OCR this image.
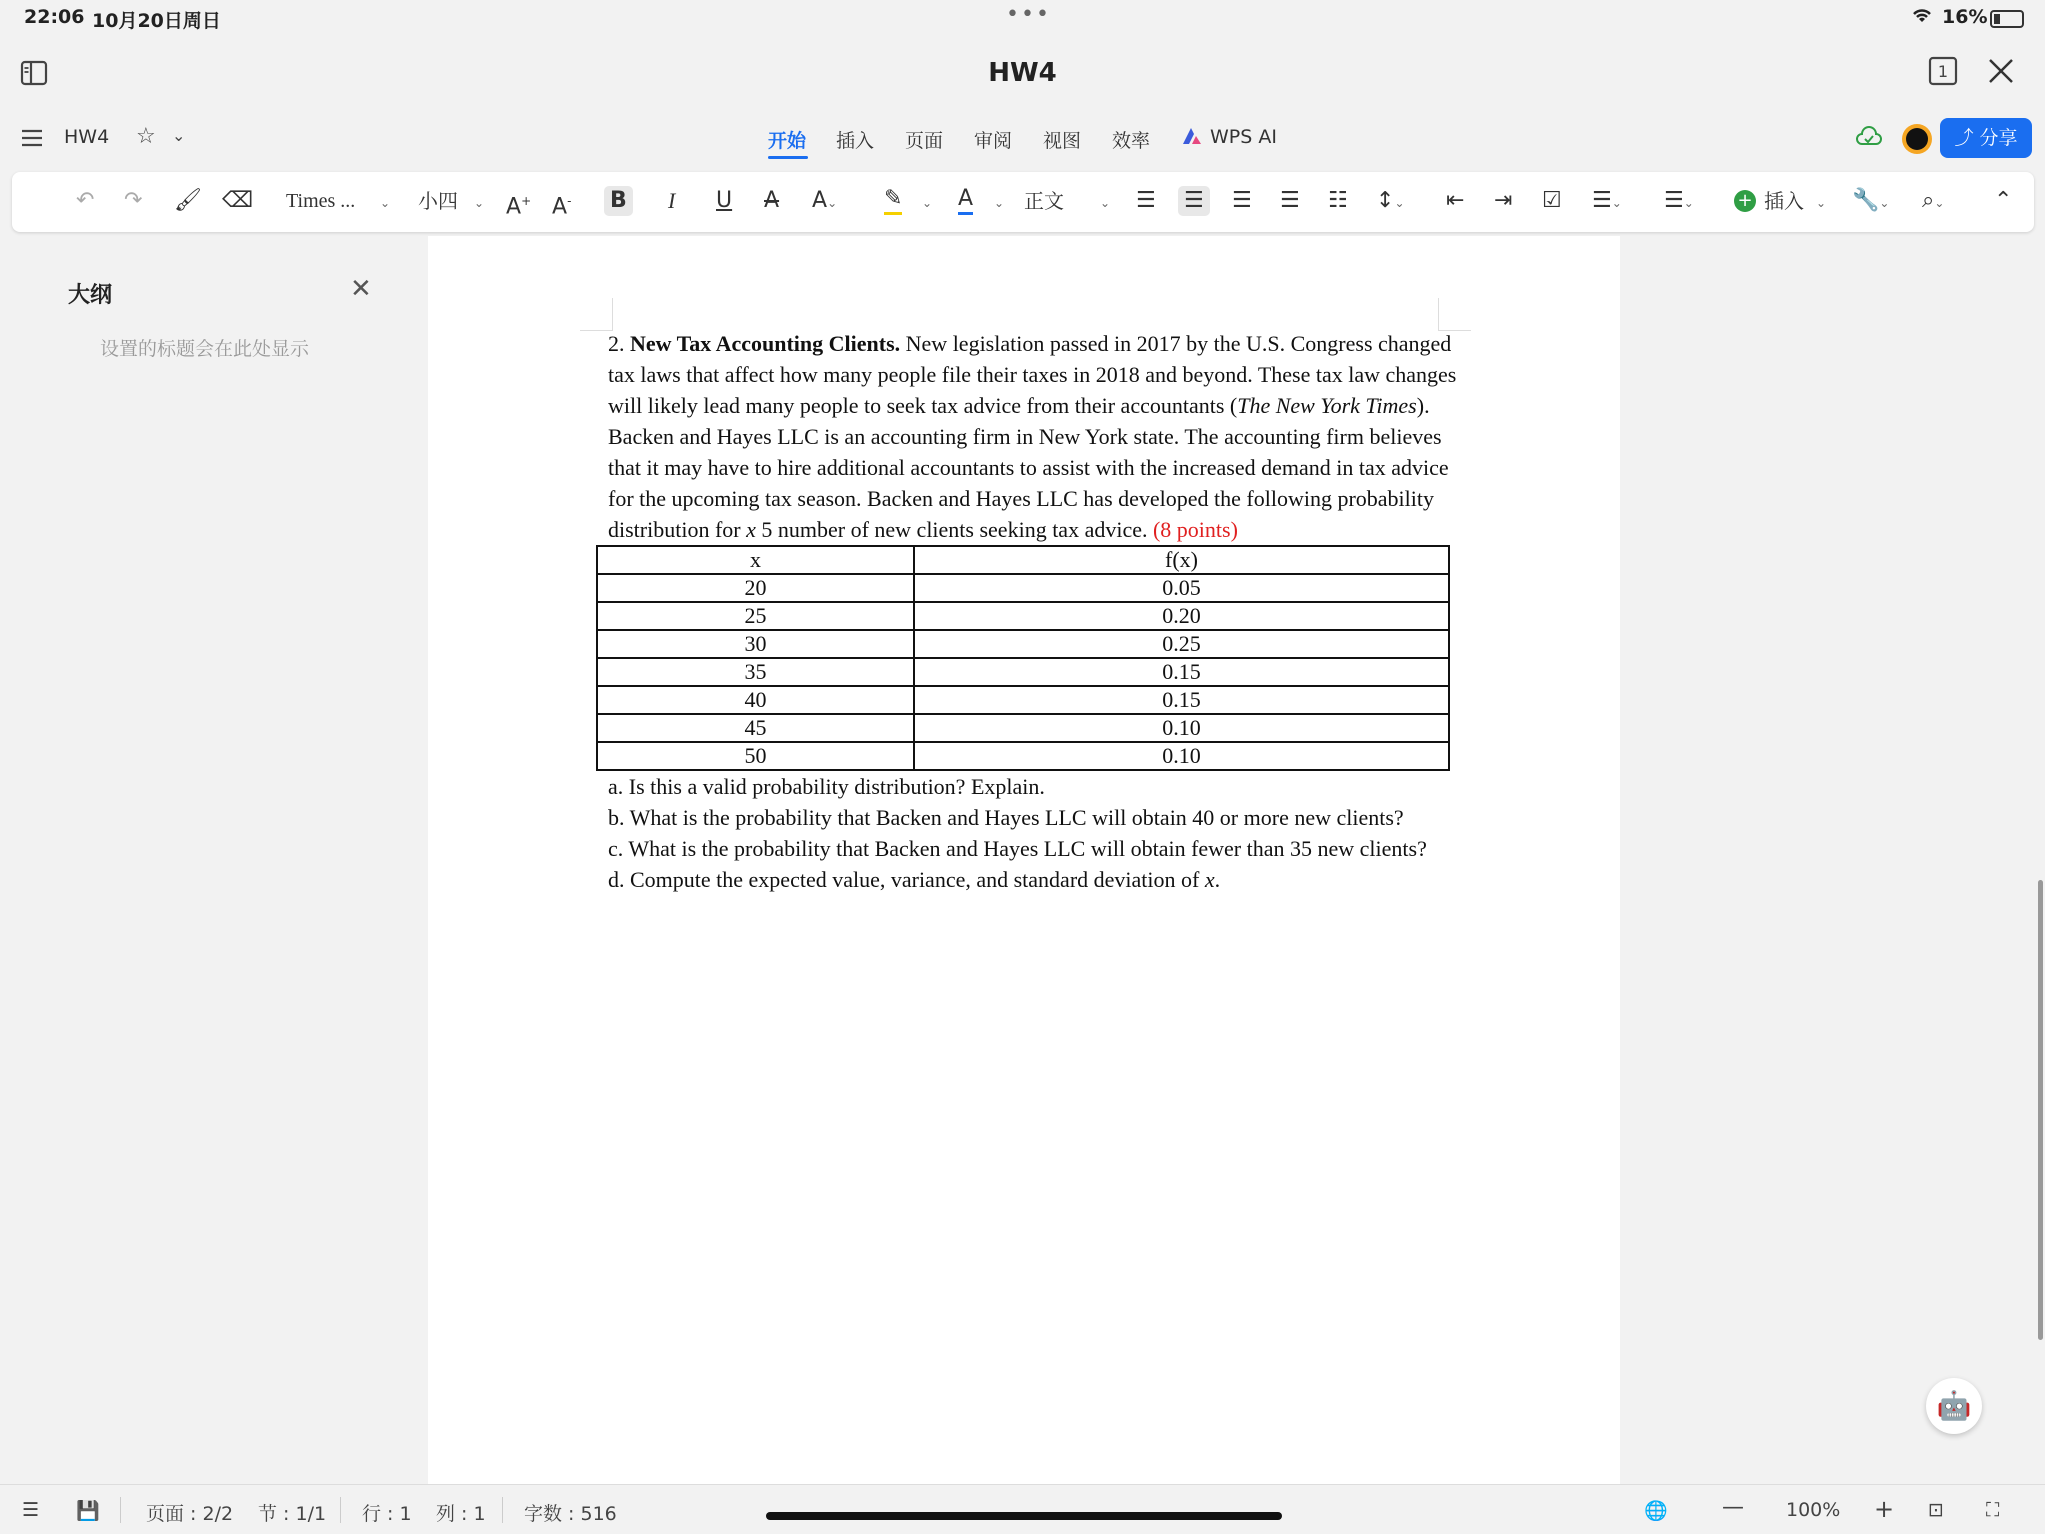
22:06 10月20日周日	•••	16%
HW4	1
HW4 ☆ ⌄	开始 插入 页面 审阅 视图 效率	WPS AI	⤴ 分享
↶ ↷ 🖌 ⌫ Times ... ⌄ 小四 ⌄ A+ A- B I U A A⌄ ✎ ⌄ A ⌄ 正文	⌄ ☰ ☰ ☰ ☰ ☷ ↕⌄ ⇤ ⇥ ☑ ☰⌄ ☰⌄ + 插入 ⌄ 🔧⌄ ⌕⌄ ⌃
大纲	✕
设置的标题会在此处显示	2. New Tax Accounting Clients. New legislation passed in 2017 by the U.S. Congress changed tax laws that affect how many people file their taxes in 2018 and beyond. These tax law changes will likely lead many people to seek tax advice from their accountants (The New York Times). Backen and Hayes LLC is an accounting firm in New York state. The accounting firm believes that it may have to hire additional accountants to assist with the increased demand in tax advice for the upcoming tax season. Backen and Hayes LLC has developed the following probability distribution for x 5 number of new clients seeking tax advice. (8 points)

x	f(x)
20	0.05
25	0.20
30	0.25
35	0.15
40	0.15
45	0.10
50	0.10

a. Is this a valid probability distribution? Explain.

b. What is the probability that Backen and Hayes LLC will obtain 40 or more new clients?

c. What is the probability that Backen and Hayes LLC will obtain fewer than 35 new clients?

d. Compute the expected value, variance, and standard deviation of x.

🤖
☰ 💾 页面 : 2/2 节 : 1/1 行 : 1 列 : 1 字数 : 516	🌐 — 100% + ⊡ ⛶
